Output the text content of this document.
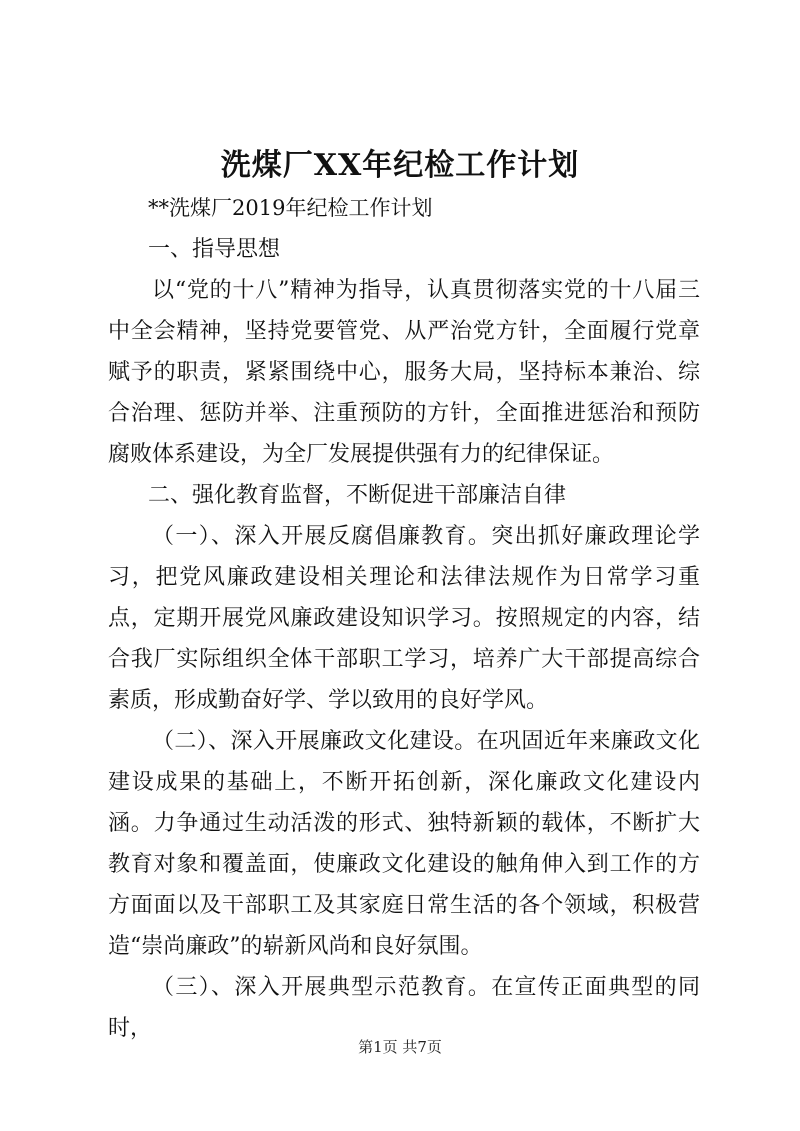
洗煤厂XX年纪检工作计划
**洗煤厂2019年纪检工作计划
一、指导思想

以“党的十八”精神为指导，认真贯彻落实党的十八届三中全会精神，坚持党要管党、从严治党方针，全面履行党章赋予的职责，紧紧围绕中心，服务大局，坚持标本兼治、综合治理、惩防并举、注重预防的方针，全面推进惩治和预防腐败体系建设，为全厂发展提供强有力的纪律保证。

二、强化教育监督，不断促进干部廉洁自律

（一）、深入开展反腐倡廉教育。突出抓好廉政理论学习，把党风廉政建设相关理论和法律法规作为日常学习重点，定期开展党风廉政建设知识学习。按照规定的内容，结合我厂实际组织全体干部职工学习，培养广大干部提高综合素质，形成勤奋好学、学以致用的良好学风。

（二）、深入开展廉政文化建设。在巩固近年来廉政文化建设成果的基础上，不断开拓创新，深化廉政文化建设内涵。力争通过生动活泼的形式、独特新颖的载体，不断扩大教育对象和覆盖面，使廉政文化建设的触角伸入到工作的方方面面以及干部职工及其家庭日常生活的各个领域，积极营造“崇尚廉政”的崭新风尚和良好氛围。

（三）、深入开展典型示范教育。在宣传正面典型的同时，

第1页 共7页
